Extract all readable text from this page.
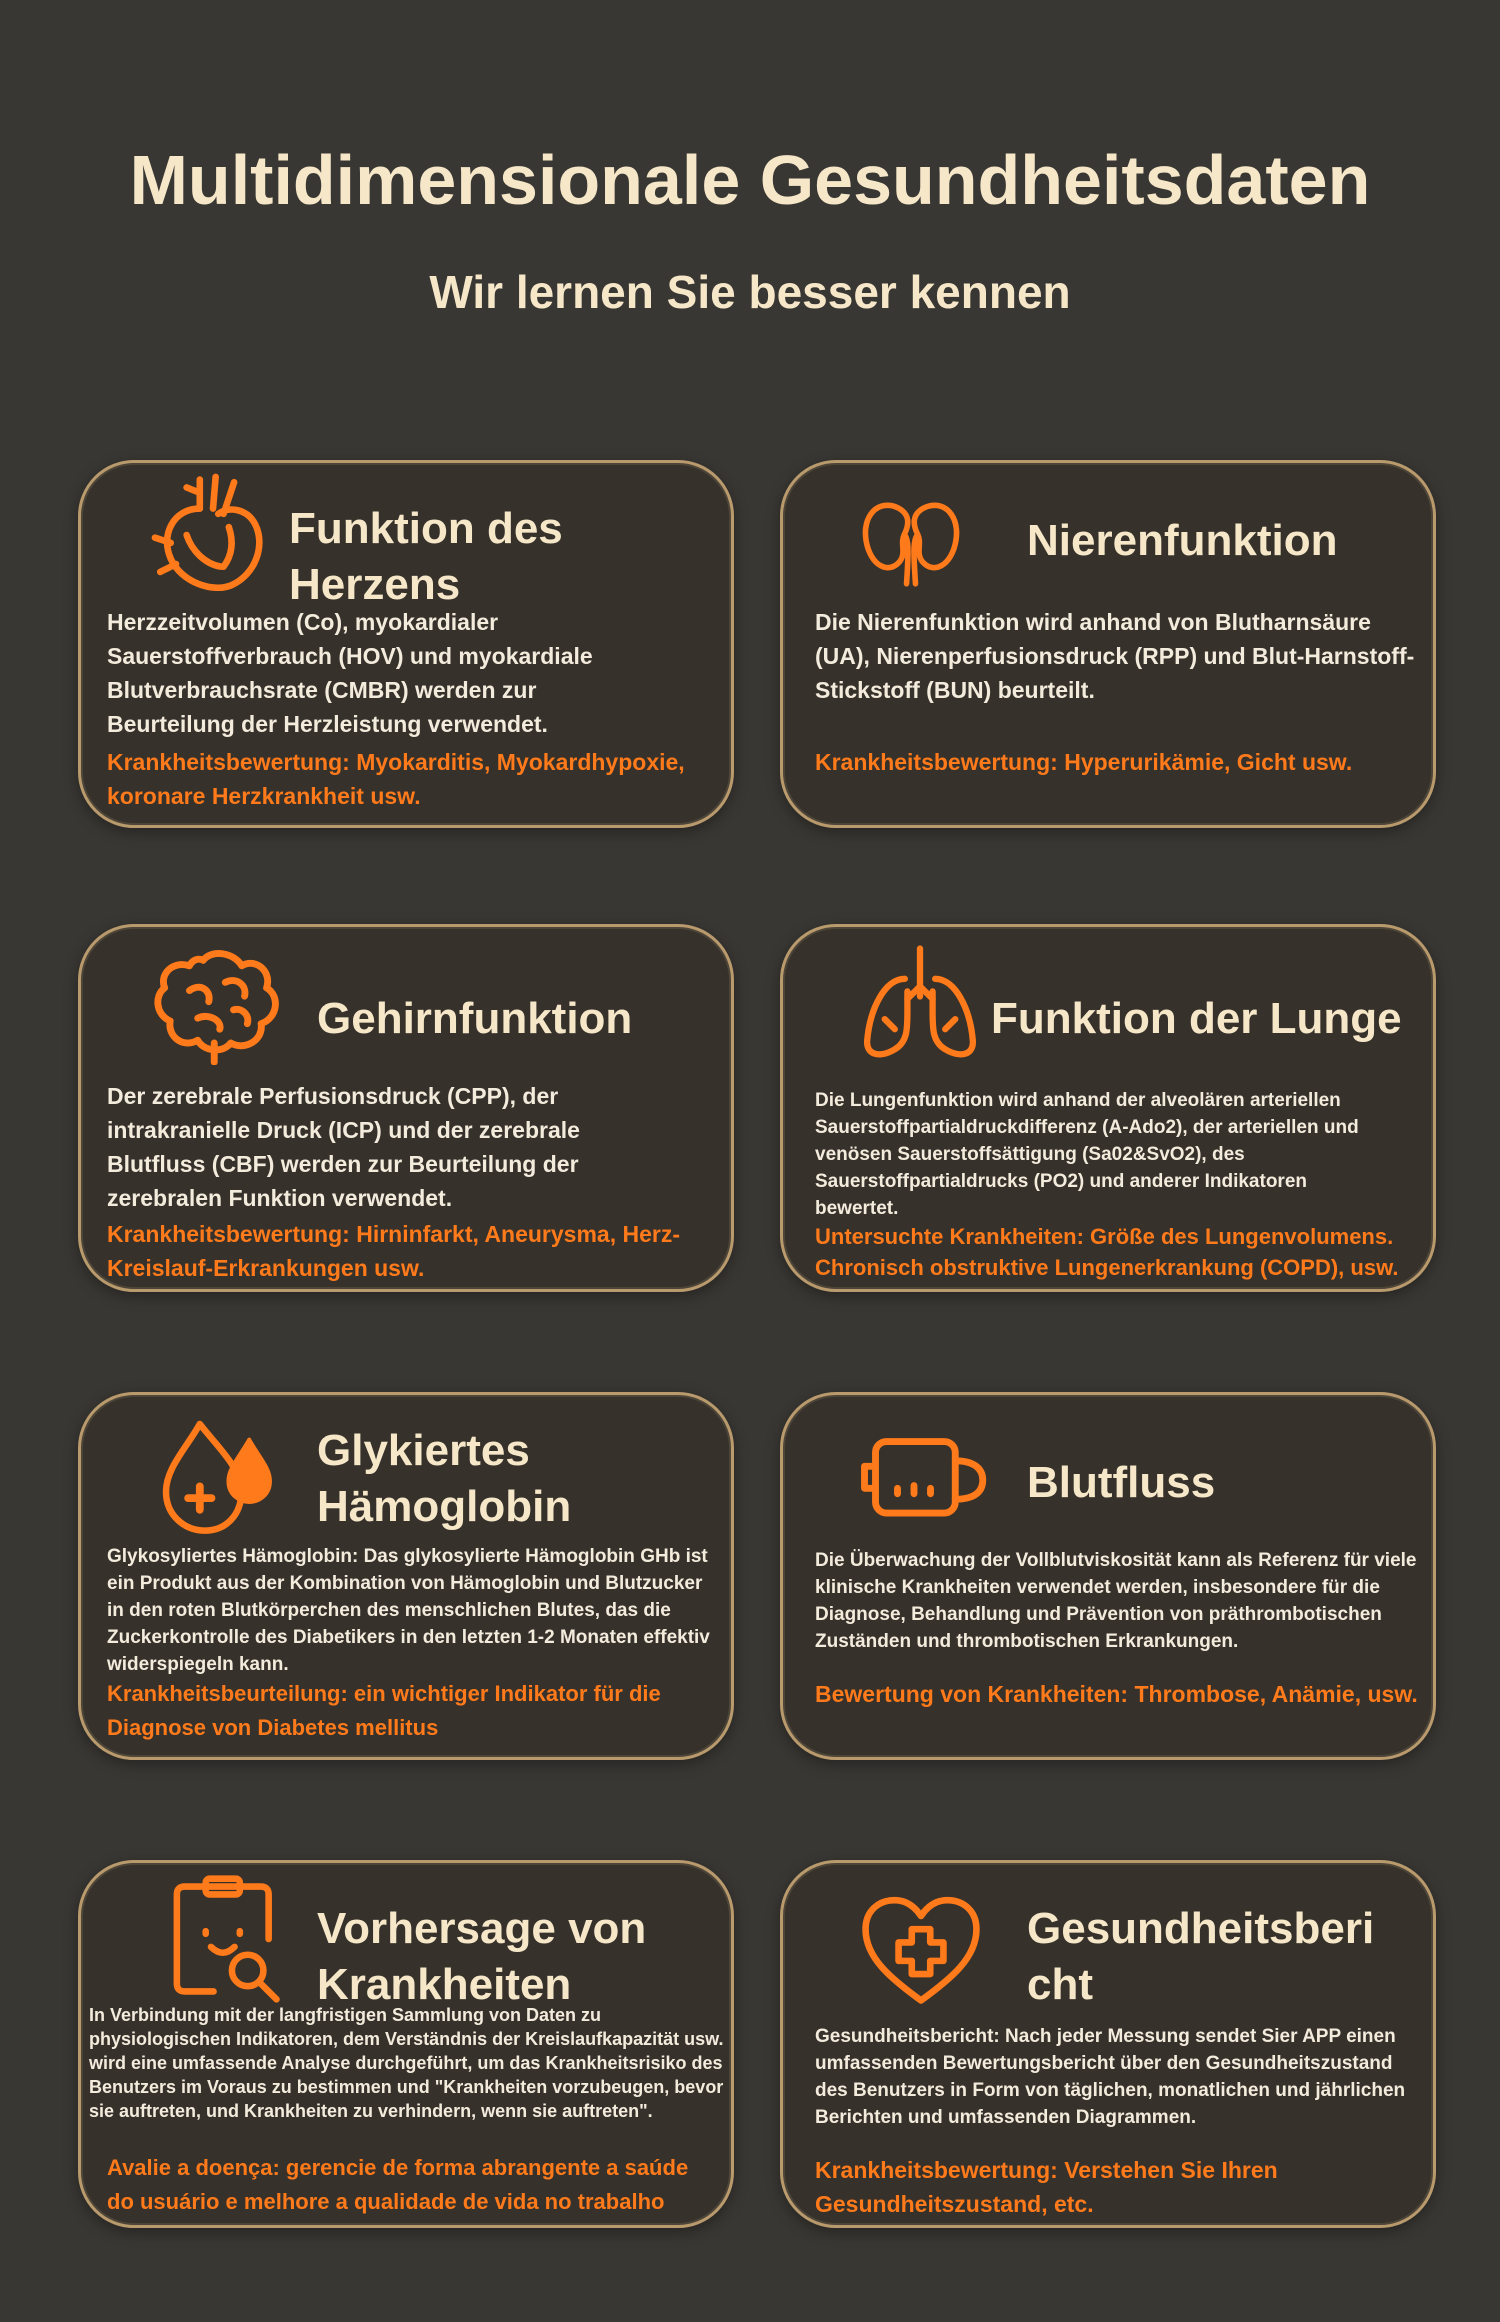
Multidimensionale Gesundheitsdaten
Wir lernen Sie besser kennen
Funktion des Herzens

Herzzeitvolumen (Co), myokardialer Sauerstoffverbrauch (HOV) und myokardiale Blutverbrauchsrate (CMBR) werden zur Beurteilung der Herzleistung verwendet.

Krankheitsbewertung: Myokarditis, Myokardhypoxie, koronare Herzkrankheit usw.

Nierenfunktion

Die Nierenfunktion wird anhand von Blutharnsäure (UA), Nierenperfusionsdruck (RPP) und Blut-Harnstoff-Stickstoff (BUN) beurteilt.

Krankheitsbewertung: Hyperurikämie, Gicht usw.

Gehirnfunktion

Der zerebrale Perfusionsdruck (CPP), der intrakranielle Druck (ICP) und der zerebrale Blutfluss (CBF) werden zur Beurteilung der zerebralen Funktion verwendet.

Krankheitsbewertung: Hirninfarkt, Aneurysma, Herz-Kreislauf-Erkrankungen usw.

Funktion der Lunge

Die Lungenfunktion wird anhand der alveolären arteriellen Sauerstoffpartialdruckdifferenz (A-Ado2), der arteriellen und venösen Sauerstoffsättigung (Sa02&SvO2), des Sauerstoffpartialdrucks (PO2) und anderer Indikatoren bewertet.

Untersuchte Krankheiten: Größe des Lungenvolumens. Chronisch obstruktive Lungenerkrankung (COPD), usw.

Glykiertes Hämoglobin

Glykosyliertes Hämoglobin: Das glykosylierte Hämoglobin GHb ist ein Produkt aus der Kombination von Hämoglobin und Blutzucker in den roten Blutkörperchen des menschlichen Blutes, das die Zuckerkontrolle des Diabetikers in den letzten 1-2 Monaten effektiv widerspiegeln kann.

Krankheitsbeurteilung: ein wichtiger Indikator für die Diagnose von Diabetes mellitus

Blutfluss

Die Überwachung der Vollblutviskosität kann als Referenz für viele klinische Krankheiten verwendet werden, insbesondere für die Diagnose, Behandlung und Prävention von präthrombotischen Zuständen und thrombotischen Erkrankungen.

Bewertung von Krankheiten: Thrombose, Anämie, usw.

Vorhersage von Krankheiten

In Verbindung mit der langfristigen Sammlung von Daten zu physiologischen Indikatoren, dem Verständnis der Kreislaufkapazität usw. wird eine umfassende Analyse durchgeführt, um das Krankheitsrisiko des Benutzers im Voraus zu bestimmen und "Krankheiten vorzubeugen, bevor sie auftreten, und Krankheiten zu verhindern, wenn sie auftreten".

Avalie a doença: gerencie de forma abrangente a saúde do usuário e melhore a qualidade de vida no trabalho

Gesundheitsbericht

Gesundheitsbericht: Nach jeder Messung sendet Sier APP einen umfassenden Bewertungsbericht über den Gesundheitszustand des Benutzers in Form von täglichen, monatlichen und jährlichen Berichten und umfassenden Diagrammen.

Krankheitsbewertung: Verstehen Sie Ihren Gesundheitszustand, etc.
